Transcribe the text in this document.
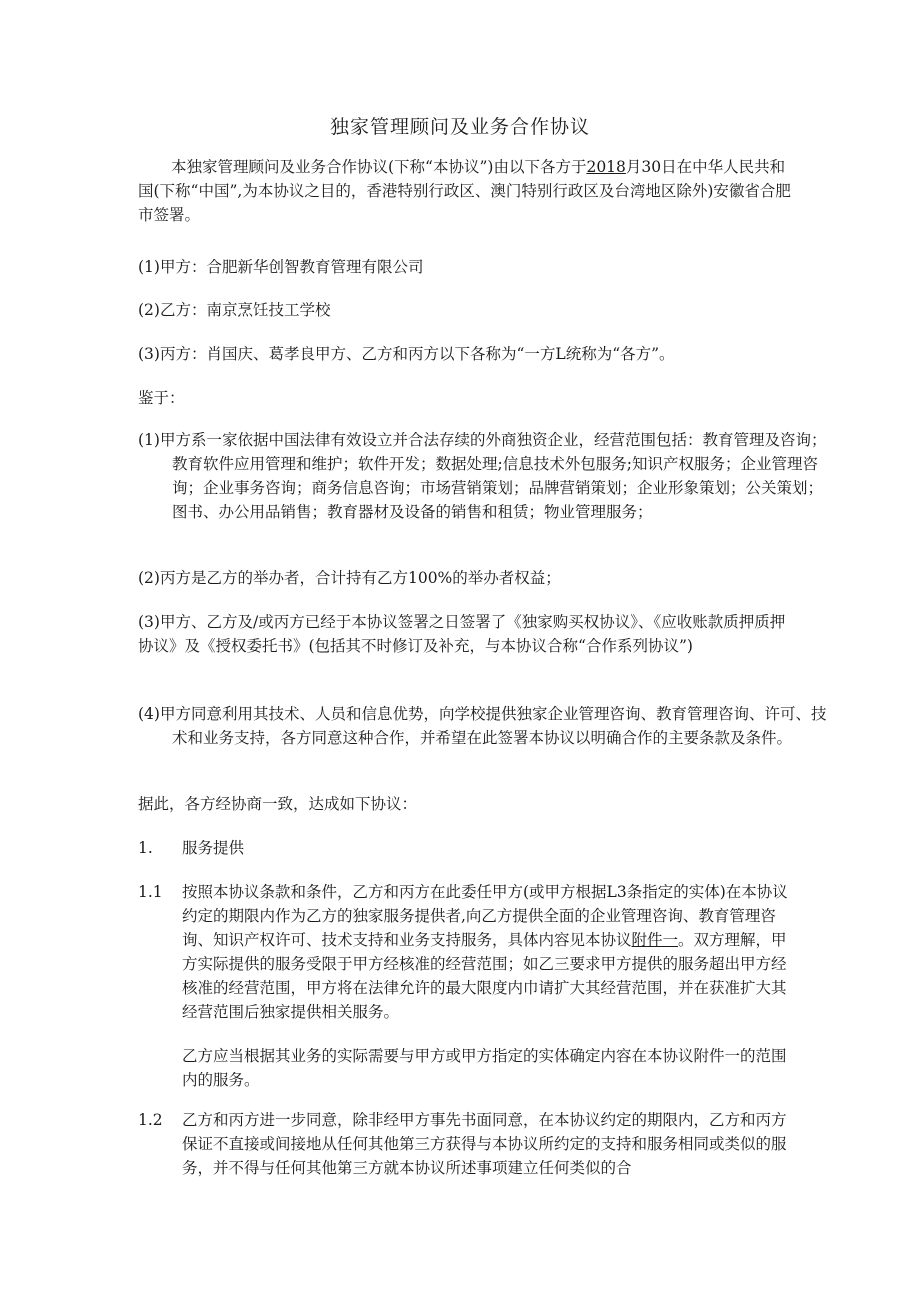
独家管理顾问及业务合作协议
本独家管理顾问及业务合作协议(下称“本协议”)由以下各方于2018月30日在中华人民共和国(下称“中国”,为本协议之目的，香港特别行政区、澳门特别行政区及台湾地区除外)安徽省合肥市签署。
(1)甲方：合肥新华创智教育管理有限公司
(2)乙方：南京烹饪技工学校
(3)丙方：肖国庆、葛孝良甲方、乙方和丙方以下各称为“一方L统称为“各方”。
鉴于：
(1)甲方系一家依据中国法律有效设立并合法存续的外商独资企业，经营范围包括：教育管理及咨询；教育软件应用管理和维护；软件开发；数据处理;信息技术外包服务;知识产权服务；企业管理咨询；企业事务咨询；商务信息咨询；市场营销策划；品牌营销策划；企业形象策划；公关策划；图书、办公用品销售；教育器材及设备的销售和租赁；物业管理服务；
(2)丙方是乙方的举办者，合计持有乙方100%的举办者权益；
(3)甲方、乙方及/或丙方已经于本协议签署之日签署了《独家购买权协议》、《应收账款质押质押协议》及《授权委托书》(包括其不时修订及补充，与本协议合称“合作系列协议”)
(4)甲方同意利用其技术、人员和信息优势，向学校提供独家企业管理咨询、教育管理咨询、许可、技术和业务支持，各方同意这种合作，并希望在此签署本协议以明确合作的主要条款及条件。
据此，各方经协商一致，达成如下协议：
1.	服务提供
1.1	按照本协议条款和条件，乙方和丙方在此委任甲方(或甲方根据L3条指定的实体)在本协议约定的期限内作为乙方的独家服务提供者,向乙方提供全面的企业管理咨询、教育管理咨询、知识产权许可、技术支持和业务支持服务，具体内容见本协议附件一。双方理解，甲方实际提供的服务受限于甲方经核准的经营范围；如乙三要求甲方提供的服务超出甲方经核准的经营范围，甲方将在法律允许的最大限度内巾请扩大其经营范围，并在获准扩大其经营范围后独家提供相关服务。
乙方应当根据其业务的实际需要与甲方或甲方指定的实体确定内容在本协议附件一的范围内的服务。
1.2	乙方和丙方进一步同意，除非经甲方事先书面同意，在本协议约定的期限内，乙方和丙方保证不直接或间接地从任何其他第三方获得与本协议所约定的支持和服务相同或类似的服务，并不得与任何其他第三方就本协议所述事项建立任何类似的合
